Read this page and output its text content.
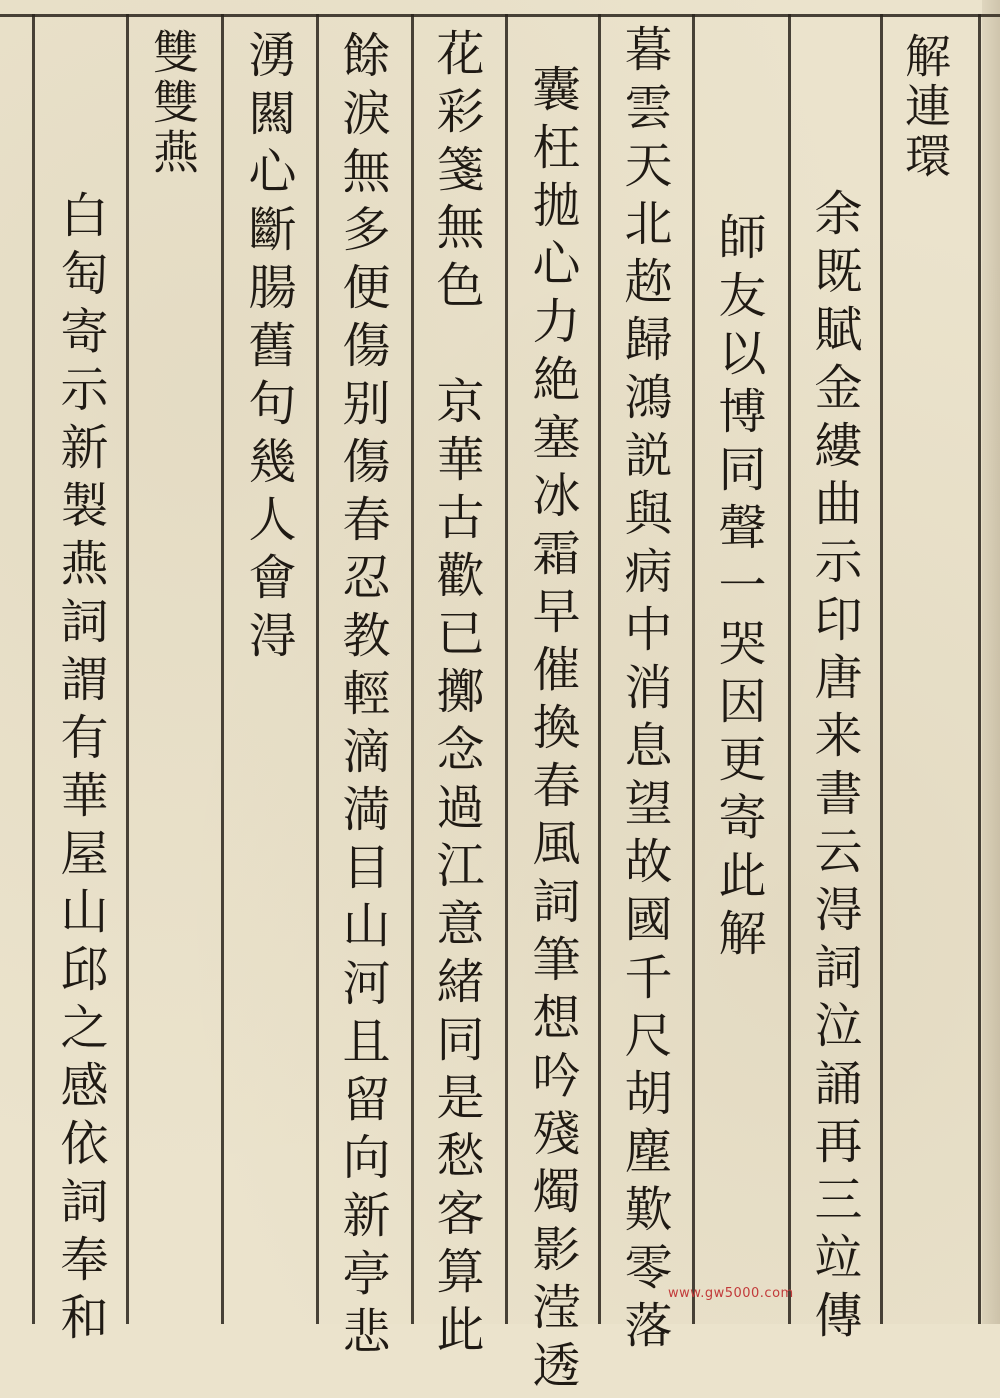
解連環
余既賦金縷曲示印唐来書云淂詞泣誦再三竝傳
師友以博同聲一哭因更寄此解
暮雲天北趂歸鴻説與病中消息望故國千尺胡塵歎零落
囊枉拋心力絶塞冰霜早催換春風詞筆想吟殘燭影滢透
花彩箋無色　京華古歡已擲念過江意緒同是愁客算此
餘淚無多便傷别傷春忍教輕滴満目山河且留向新亭悲
湧闗心斷腸舊句幾人會淂
雙雙燕
白匋寄示新製燕詞謂有華屋山邱之感依詞奉和	www.gw5000.com
